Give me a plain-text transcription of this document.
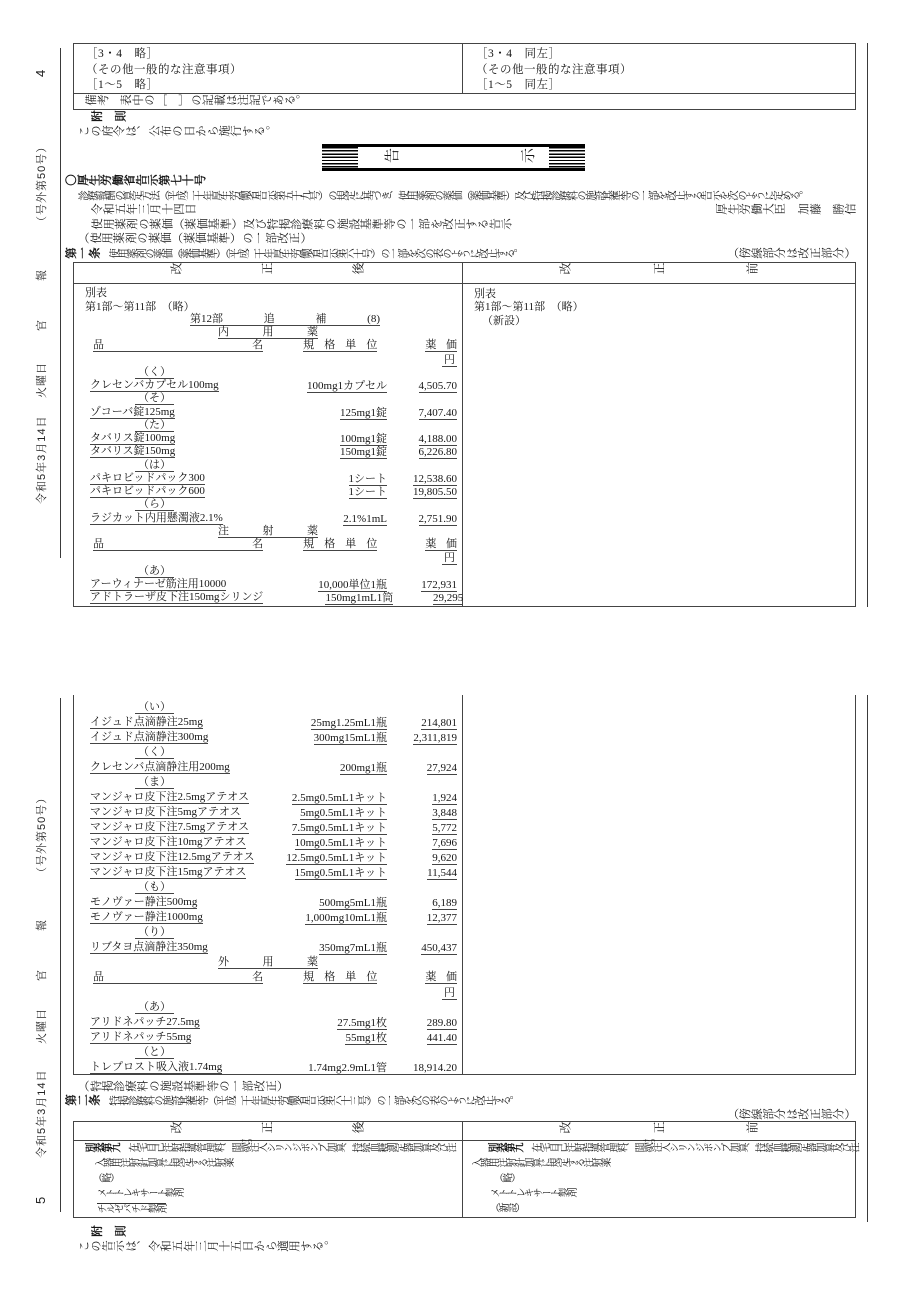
4
（号外第50号）
報
官
火曜日
令和5年3月14日
（号外第50号）
報
官
火曜日
令和5年3月14日
5
［3・4　略］
（その他一般的な注意事項）
［1～5　略］
［3・4　同左］
（その他一般的な注意事項）
［1～5　同左］
備考　表中の［　］の記載は注記である。
附　則
この府令は、公布の日から施行する。
告	示
〇厚生労働省告示第七十号
診療報酬の算定方法（平成二十年厚生労働省告示第五十九号）の規定に基づき、使用薬剤の薬価（薬価基準）及び特掲診療料の施設基準等の一部を改正する告示を次のように定める。
令和五年三月十四日	厚生労働大臣　加藤　勝信
使用薬剤の薬価（薬価基準）及び特掲診療料の施設基準等の一部を改正する告示
（使用薬剤の薬価（薬価基準）の一部改正）
第一条 　使用薬剤の薬価（薬価基準）（平成二十年厚生労働省告示第六十号）の一部を次の表のように改正する。	（傍線部分は改正部分）
改	正	後	改	正	前
別表
第1部～第11部　（略）
第12部	追	補	(8)
内	用	薬
品	名	規 格 単 位	薬 価
円
（く）
クレセンバカプセル100mg	100mg1カプセル	4,505.70
（そ）
ゾコーバ錠125mg	125mg1錠	7,407.40
（た）
タバリス錠100mg	100mg1錠	4,188.00
タバリス錠150mg	150mg1錠	6,226.80
（は）
パキロビッドパック300	1シート	12,538.60
パキロビッドパック600	1シート	19,805.50
（ら）
ラジカット内用懸濁液2.1%	2.1%1mL	2,751.90
注	射	薬
品	名	規 格 単 位	薬 価
円
（あ）
アーウィナーゼ筋注用10000	10,000単位1瓶	172,931
アドトラーザ皮下注150mgシリンジ	150mg1mL1筒	29,295
別表
第1部～第11部　（略）
（新設）
（い）
イジュド点滴静注25mg	25mg1.25mL1瓶	214,801
イジュド点滴静注300mg	300mg15mL1瓶	2,311,819
（く）
クレセンバ点滴静注用200mg	200mg1瓶	27,924
（ま）
マンジャロ皮下注2.5mgアテオス	2.5mg0.5mL1キット	1,924
マンジャロ皮下注5mgアテオス	5mg0.5mL1キット	3,848
マンジャロ皮下注7.5mgアテオス	7.5mg0.5mL1キット	5,772
マンジャロ皮下注10mgアテオス	10mg0.5mL1キット	7,696
マンジャロ皮下注12.5mgアテオス	12.5mg0.5mL1キット	9,620
マンジャロ皮下注15mgアテオス	15mg0.5mL1キット	11,544
（も）
モノヴァー静注500mg	500mg5mL1瓶	6,189
モノヴァー静注1000mg	1,000mg10mL1瓶	12,377
（り）
リブタヨ点滴静注350mg	350mg7mL1瓶	450,437
外	用	薬
品	名	規 格 単 位	薬 価
円
（あ）
アリドネパッチ27.5mg	27.5mg1枚	289.80
アリドネパッチ55mg	55mg1枚	441.40
（と）
トレプロスト吸入液1.74mg	1.74mg2.9mL1管	18,914.20
（特掲診療料の施設基準等の一部改正）
第二条 　特掲診療料の施設基準等（平成二十年厚生労働省告示第六十三号）の一部を次の表のように改正する。
（傍線部分は改正部分）
改	正	後	改	正	前
別表第九 　在宅自己注射指導管理料、間歇注入シリンジポンプ加算、持続血糖測定器加算及び注
けつ
入器用注射針加算に規定する注射薬
（略）
メトトレキサート製剤
チルゼパチド製剤
別表第九 　在宅自己注射指導管理料、間歇注入シリンジポンプ加算、持続血糖測定器加算及び注
けつ
入器用注射針加算に規定する注射薬
（略）
メトトレキサート製剤
（新設）
附　則
この告示は、令和五年三月十五日から適用する。
